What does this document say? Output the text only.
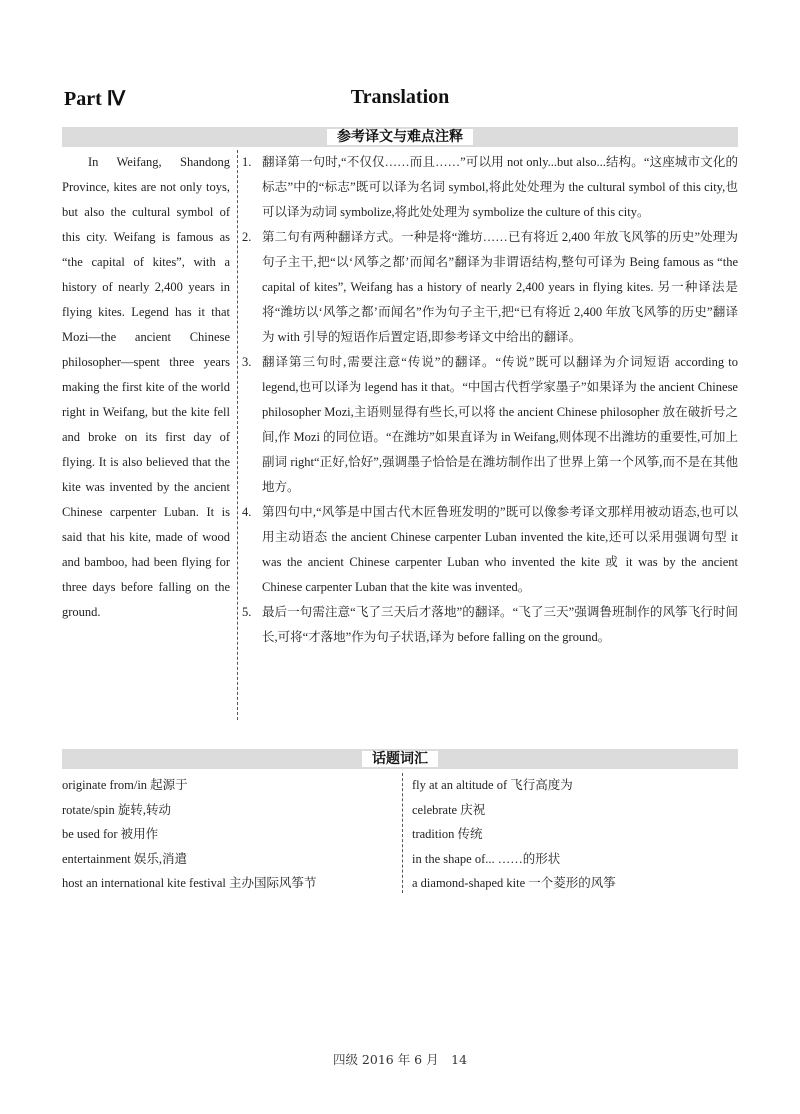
Part Ⅳ	Translation
参考译文与难点注释

In Weifang, Shandong Province, kites are not only toys, but also the cultural symbol of this city. Weifang is famous as “the capital of kites”, with a history of nearly 2,400 years in flying kites. Legend has it that Mozi—the ancient Chinese philosopher—spent three years making the first kite of the world right in Weifang, but the kite fell and broke on its first day of flying. It is also believed that the kite was invented by the ancient Chinese carpenter Luban. It is said that his kite, made of wood and bamboo, had been flying for three days before falling on the ground.

1. 翻译第一句时,“不仅仅……而且……”可以用 not only...but also...结构。“这座城市文化的标志”中的“标志”既可以译为名词 symbol,将此处处理为 the cultural symbol of this city,也可以译为动词 symbolize,将此处处理为 symbolize the culture of this city。
2. 第二句有两种翻译方式。一种是将“潍坊……已有将近 2,400 年放飞风筝的历史”处理为句子主干,把“以‘风筝之都’而闻名”翻译为非谓语结构,整句可译为 Being famous as “the capital of kites”, Weifang has a history of nearly 2,400 years in flying kites. 另一种译法是将“潍坊以‘风筝之都’而闻名”作为句子主干,把“已有将近 2,400 年放飞风筝的历史”翻译为 with 引导的短语作后置定语,即参考译文中给出的翻译。
3. 翻译第三句时,需要注意“传说”的翻译。“传说”既可以翻译为介词短语 according to legend,也可以译为 legend has it that。“中国古代哲学家墨子”如果译为 the ancient Chinese philosopher Mozi,主语则显得有些长,可以将 the ancient Chinese philosopher 放在破折号之间,作 Mozi 的同位语。“在潍坊”如果直译为 in Weifang,则体现不出潍坊的重要性,可加上副词 right“正好,恰好”,强调墨子恰恰是在潍坊制作出了世界上第一个风筝,而不是在其他地方。
4. 第四句中,“风筝是中国古代木匠鲁班发明的”既可以像参考译文那样用被动语态,也可以用主动语态 the ancient Chinese carpenter Luban invented the kite,还可以采用强调句型 it was the ancient Chinese carpenter Luban who invented the kite 或 it was by the ancient Chinese carpenter Luban that the kite was invented。
5. 最后一句需注意“飞了三天后才落地”的翻译。“飞了三天”强调鲁班制作的风筝飞行时间长,可将“才落地”作为句子状语,译为 before falling on the ground。
话题词汇
originate from/in 起源于
rotate/spin 旋转,转动
be used for 被用作
entertainment 娱乐,消遣
host an international kite festival 主办国际风筝节
fly at an altitude of 飞行高度为
celebrate 庆祝
tradition 传统
in the shape of... ……的形状
a diamond-shaped kite 一个菱形的风筝
四级 2016 年 6 月　14
